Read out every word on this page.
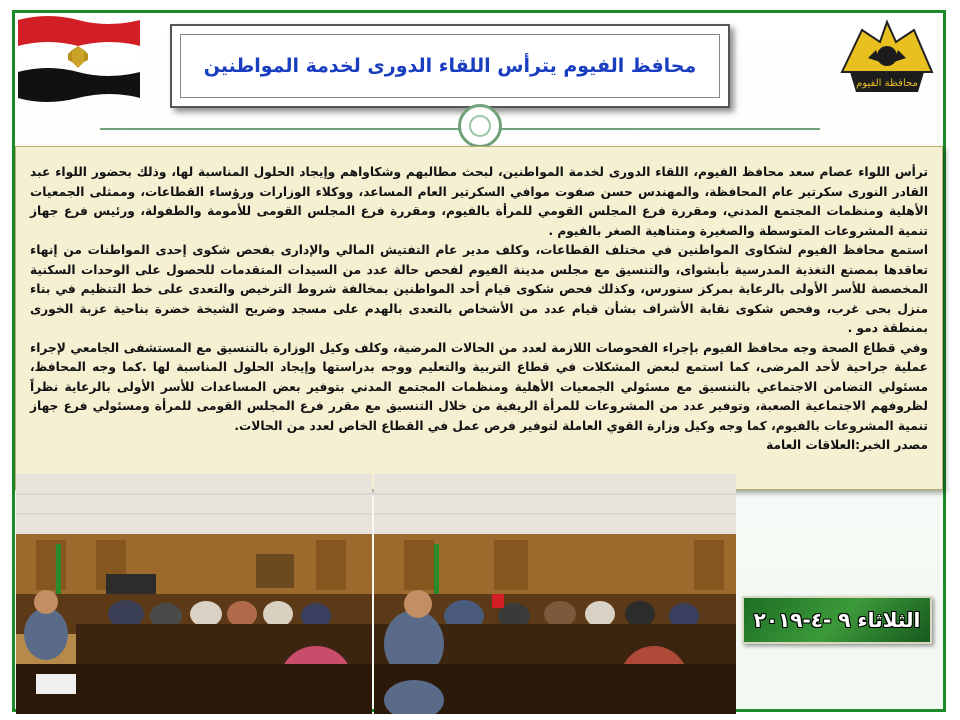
محافظة الفيوم
محافظ الفيوم يترأس اللقاء الدورى لخدمة المواطنين

ترأس اللواء عصام سعد محافظ الفيوم، اللقاء الدورى لخدمة المواطنين، لبحث مطالبهم وشكاواهم وإيجاد الحلول المناسبة لها، وذلك بحضور اللواء عبد القادر النورى سكرتير عام المحافظة، والمهندس حسن صفوت موافي السكرتير العام المساعد، ووكلاء الوزارات ورؤساء القطاعات، وممثلى الجمعيات الأهلية ومنظمات المجتمع المدني، ومقررة فرع المجلس القومي للمرأة بالفيوم، ومقررة فرع المجلس القومى للأمومة والطفولة، ورئيس فرع جهاز تنمية المشروعات المتوسطة والصغيرة ومتناهية الصغر بالفيوم .

استمع محافظ الفيوم لشكاوى المواطنين في مختلف القطاعات، وكلف مدير عام التفتيش المالي والإدارى بفحص شكوى إحدى المواطنات من إنهاء تعاقدها بمصنع التغذية المدرسية بأبشواى، والتنسيق مع مجلس مدينة الفيوم لفحص حالة عدد من السيدات المتقدمات للحصول على الوحدات السكنية المخصصة للأسر الأولى بالرعاية بمركز سنورس، وكذلك فحص شكوى قيام أحد المواطنين بمخالفة شروط الترخيص والتعدى على خط التنظيم في بناء منزل بحى غرب، وفحص شكوى نقابة الأشراف بشأن قيام عدد من الأشخاص بالتعدى بالهدم على مسجد وضريح الشيخة خضرة بناحية عزبة الخورى بمنطقة دمو .

وفي قطاع الصحة وجه محافظ الفيوم بإجراء الفحوصات اللازمة لعدد من الحالات المرضية، وكلف وكيل الوزارة بالتنسيق مع المستشفى الجامعي لإجراء عملية جراحية لأحد المرضى، كما استمع لبعض المشكلات في قطاع التربية والتعليم ووجه بدراستها وإيجاد الحلول المناسبة لها .كما وجه المحافظ، مسئولي التضامن الاجتماعي بالتنسيق مع مسئولي الجمعيات الأهلية ومنظمات المجتمع المدني بتوفير بعض المساعدات للأسر الأولى بالرعاية نظراً لظروفهم الاجتماعية الصعبة، وتوفير عدد من المشروعات للمرأة الريفية من خلال التنسيق مع مقرر فرع المجلس القومى للمرأة ومسئولي فرع جهاز تنمية المشروعات بالفيوم، كما وجه وكيل وزارة القوي العاملة لتوفير فرص عمل في القطاع الخاص لعدد من الحالات.

مصدر الخبر:العلاقات العامة

الثلاثاء ٩ -٤-٢٠١٩
